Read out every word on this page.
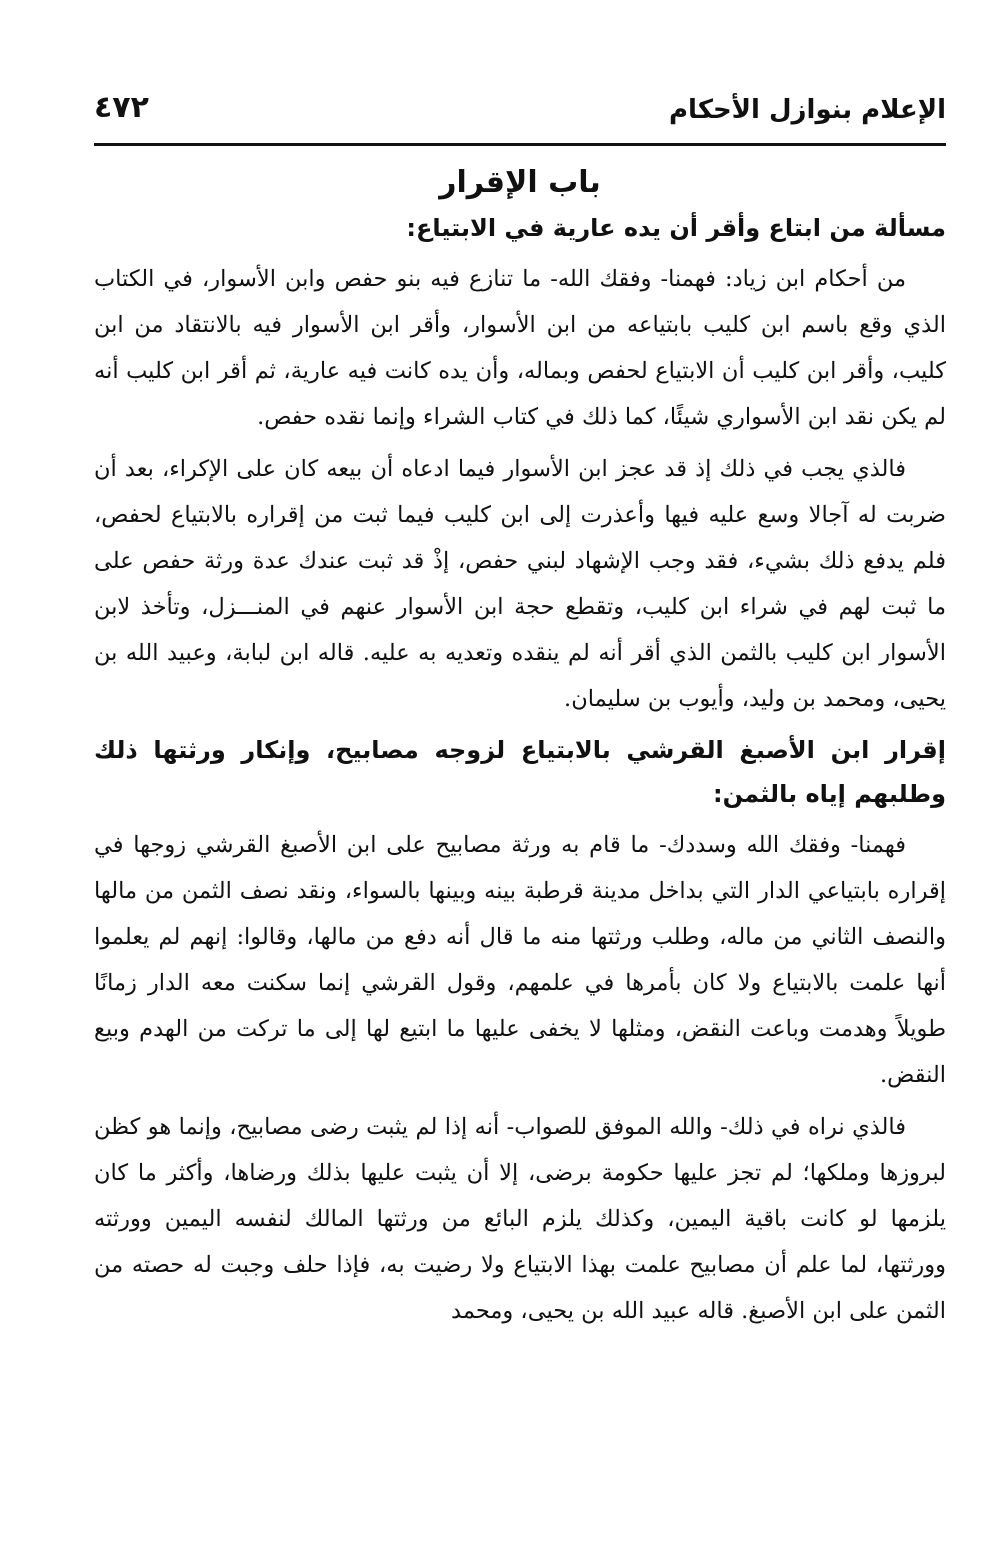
الإعلام بنوازل الأحكام
٤٧٢
باب الإقرار
مسألة من ابتاع وأقر أن يده عارية في الابتياع:

من أحكام ابن زياد: فهمنا- وفقك الله- ما تنازع فيه بنو حفص وابن الأسوار، في الكتاب الذي وقع باسم ابن كليب بابتياعه من ابن الأسوار، وأقر ابن الأسوار فيه بالانتقاد من ابن كليب، وأقر ابن كليب أن الابتياع لحفص وبماله، وأن يده كانت فيه عارية، ثم أقر ابن كليب أنه لم يكن نقد ابن الأسواري شيئًا، كما ذلك في كتاب الشراء وإنما نقده حفص.

فالذي يجب في ذلك إذ قد عجز ابن الأسوار فيما ادعاه أن بيعه كان على الإكراء، بعد أن ضربت له آجالا وسع عليه فيها وأعذرت إلى ابن كليب فيما ثبت من إقراره بالابتياع لحفص، فلم يدفع ذلك بشيء، فقد وجب الإشهاد لبني حفص، إذْ قد ثبت عندك عدة ورثة حفص على ما ثبت لهم في شراء ابن كليب، وتقطع حجة ابن الأسوار عنهم في المنـــزل، وتأخذ لابن الأسوار ابن كليب بالثمن الذي أقر أنه لم ينقده وتعديه به عليه. قاله ابن لبابة، وعبيد الله بن يحيى، ومحمد بن وليد، وأيوب بن سليمان.

إقرار ابن الأصبغ القرشي بالابتياع لزوجه مصابيح، وإنكار ورثتها ذلك وطلبهم إياه بالثمن:

فهمنا- وفقك الله وسددك- ما قام به ورثة مصابيح على ابن الأصبغ القرشي زوجها في إقراره بابتياعي الدار التي بداخل مدينة قرطبة بينه وبينها بالسواء، ونقد نصف الثمن من مالها والنصف الثاني من ماله، وطلب ورثتها منه ما قال أنه دفع من مالها، وقالوا: إنهم لم يعلموا أنها علمت بالابتياع ولا كان بأمرها في علمهم، وقول القرشي إنما سكنت معه الدار زمانًا طويلاً وهدمت وباعت النقض، ومثلها لا يخفى عليها ما ابتيع لها إلى ما تركت من الهدم وبيع النقض.

فالذي نراه في ذلك- والله الموفق للصواب- أنه إذا لم يثبت رضى مصابيح، وإنما هو كظن لبروزها وملكها؛ لم تجز عليها حكومة برضى، إلا أن يثبت عليها بذلك ورضاها، وأكثر ما كان يلزمها لو كانت باقية اليمين، وكذلك يلزم البائع من ورثتها المالك لنفسه اليمين وورثته وورثتها، لما علم أن مصابيح علمت بهذا الابتياع ولا رضيت به، فإذا حلف وجبت له حصته من الثمن على ابن الأصبغ. قاله عبيد الله بن يحيى، ومحمد
